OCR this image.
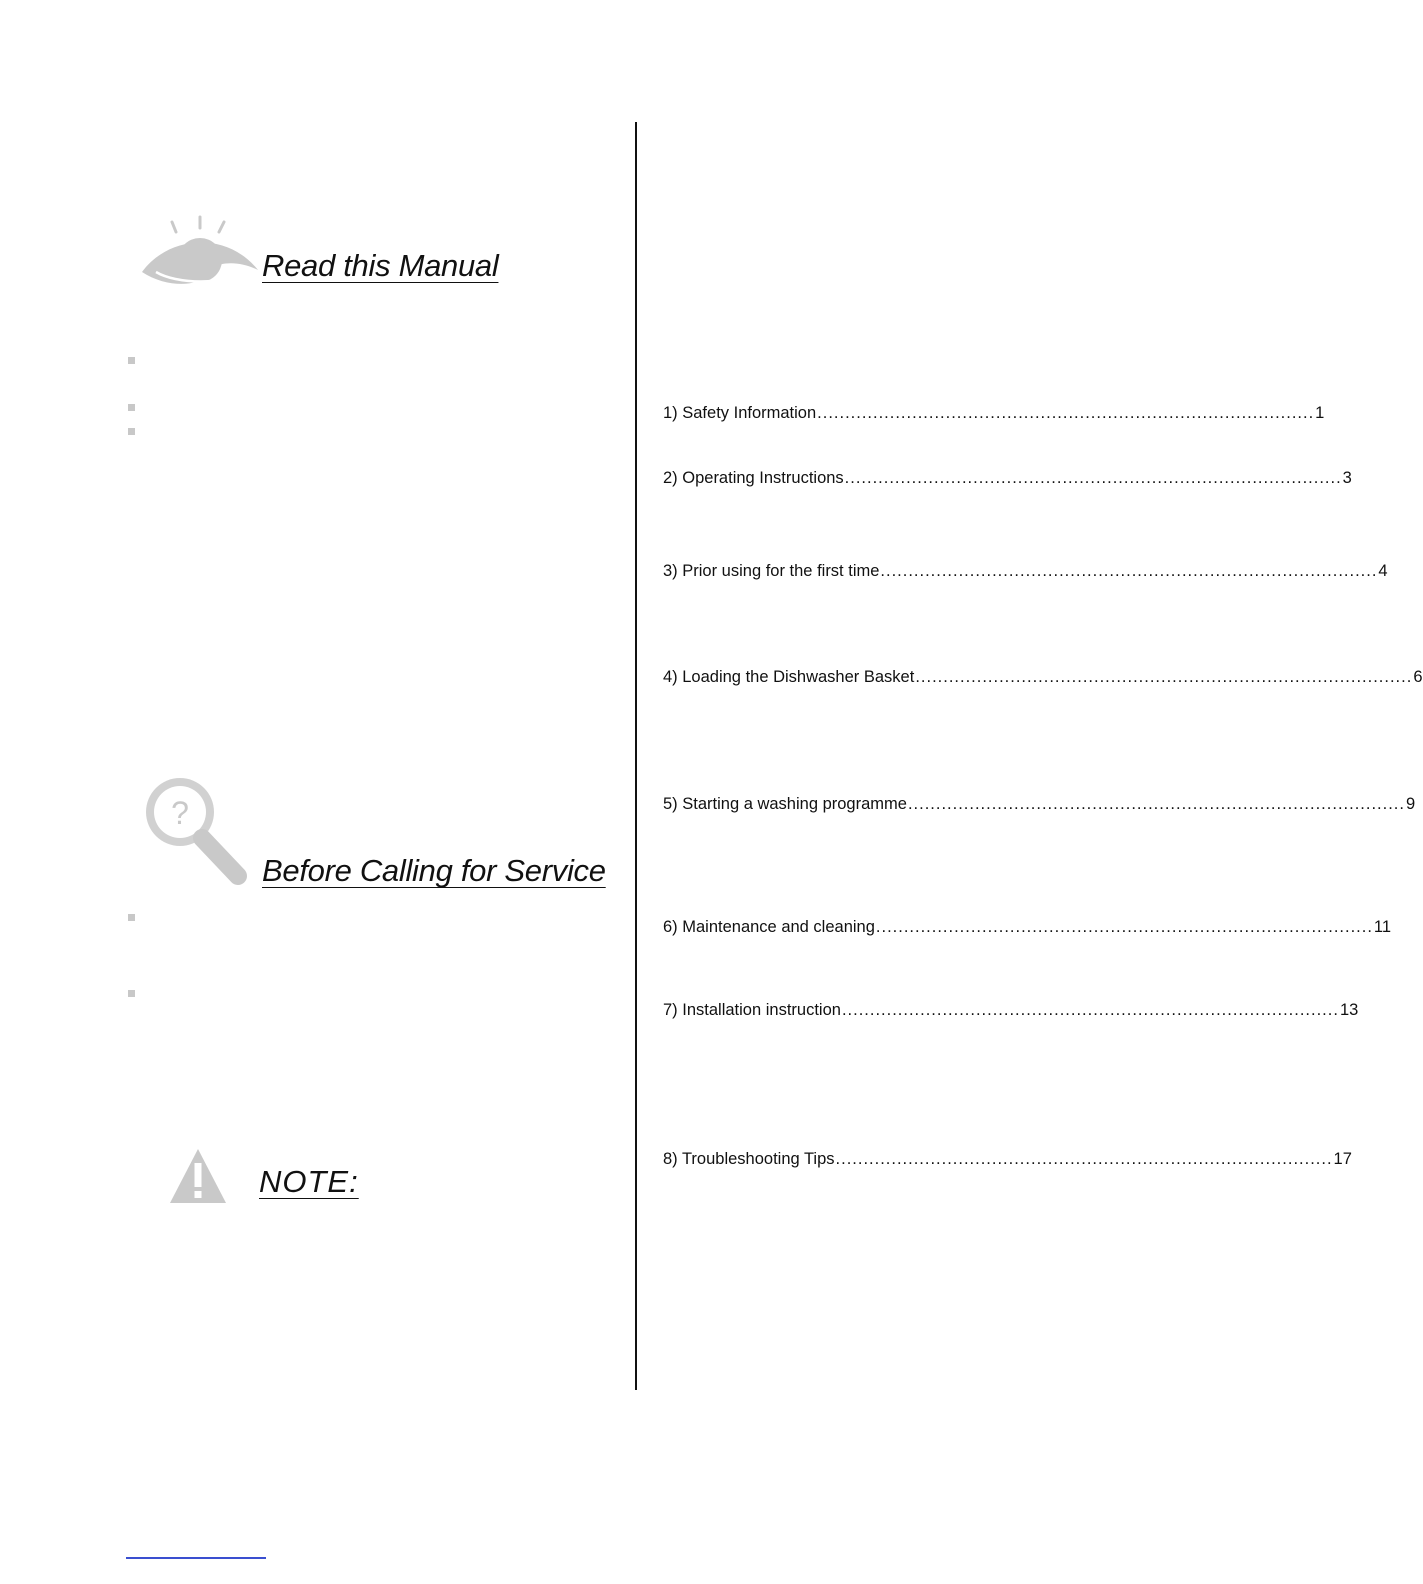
Read this Manual
?
Before Calling for Service
NOTE:
1) Safety Information ......................................................................................... 1
2) Operating Instructions ......................................................................................... 3
3) Prior using for the first time ......................................................................................... 4
4) Loading the Dishwasher Basket ......................................................................................... 6
5) Starting a washing programme ......................................................................................... 9
6) Maintenance and cleaning ......................................................................................... 11
7) Installation instruction ......................................................................................... 13
8) Troubleshooting Tips ......................................................................................... 17
